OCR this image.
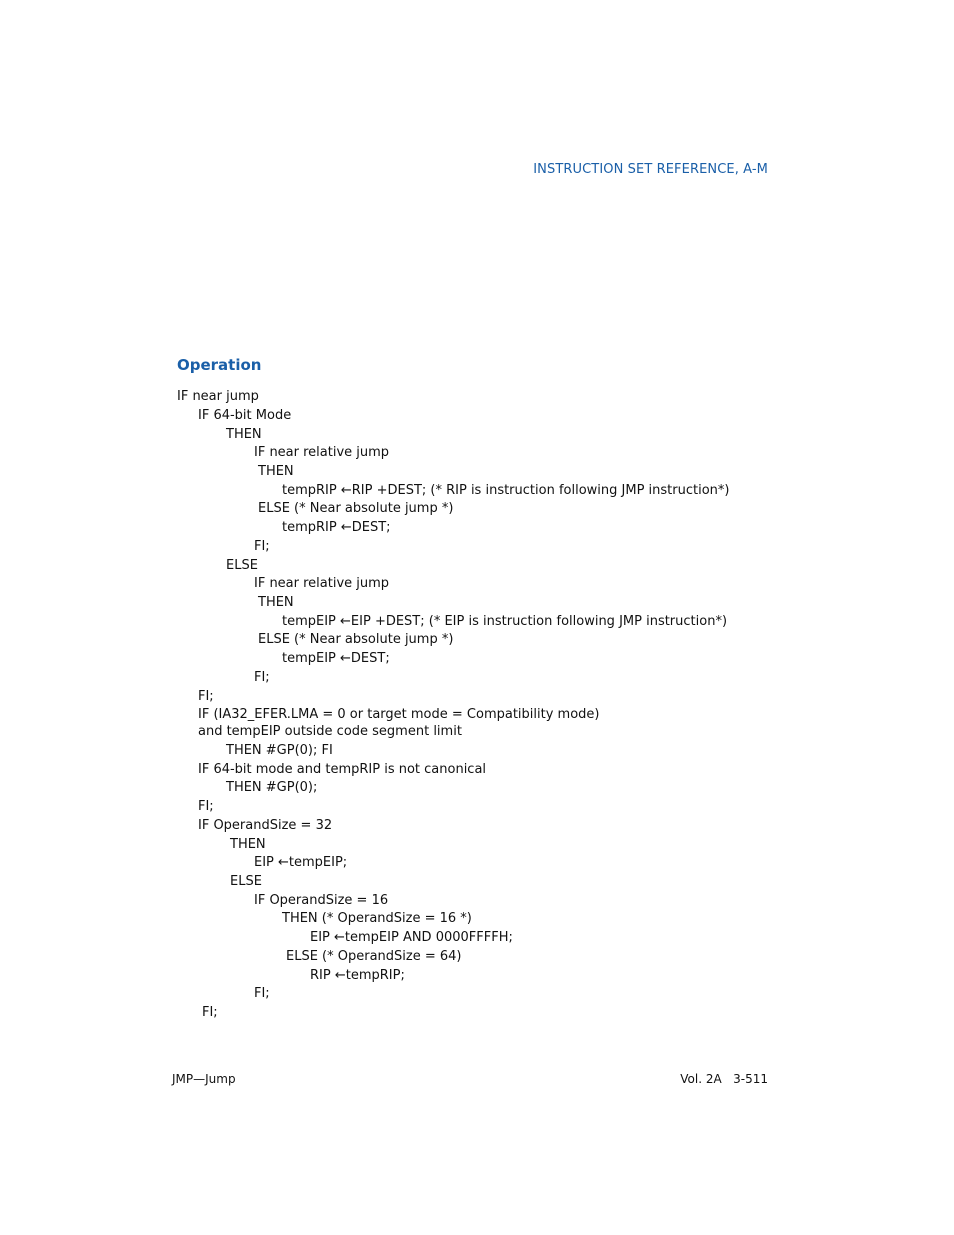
INSTRUCTION SET REFERENCE, A-M
Operation
IF near jump
IF 64-bit Mode
THEN
IF near relative jump
THEN
tempRIP ←RIP +DEST; (* RIP is instruction following JMP instruction*)
ELSE (* Near absolute jump *)
tempRIP ←DEST;
FI;
ELSE
IF near relative jump
THEN
tempEIP ←EIP +DEST; (* EIP is instruction following JMP instruction*)
ELSE (* Near absolute jump *)
tempEIP ←DEST;
FI;
FI;
IF (IA32_EFER.LMA = 0 or target mode = Compatibility mode)
and tempEIP outside code segment limit
THEN #GP(0); FI
IF 64-bit mode and tempRIP is not canonical
THEN #GP(0);
FI;
IF OperandSize = 32
THEN
EIP ←tempEIP;
ELSE
IF OperandSize = 16
THEN (* OperandSize = 16 *)
EIP ←tempEIP AND 0000FFFFH;
ELSE (* OperandSize = 64)
RIP ←tempRIP;
FI;
FI;
JMP—Jump	Vol. 2A   3-511
